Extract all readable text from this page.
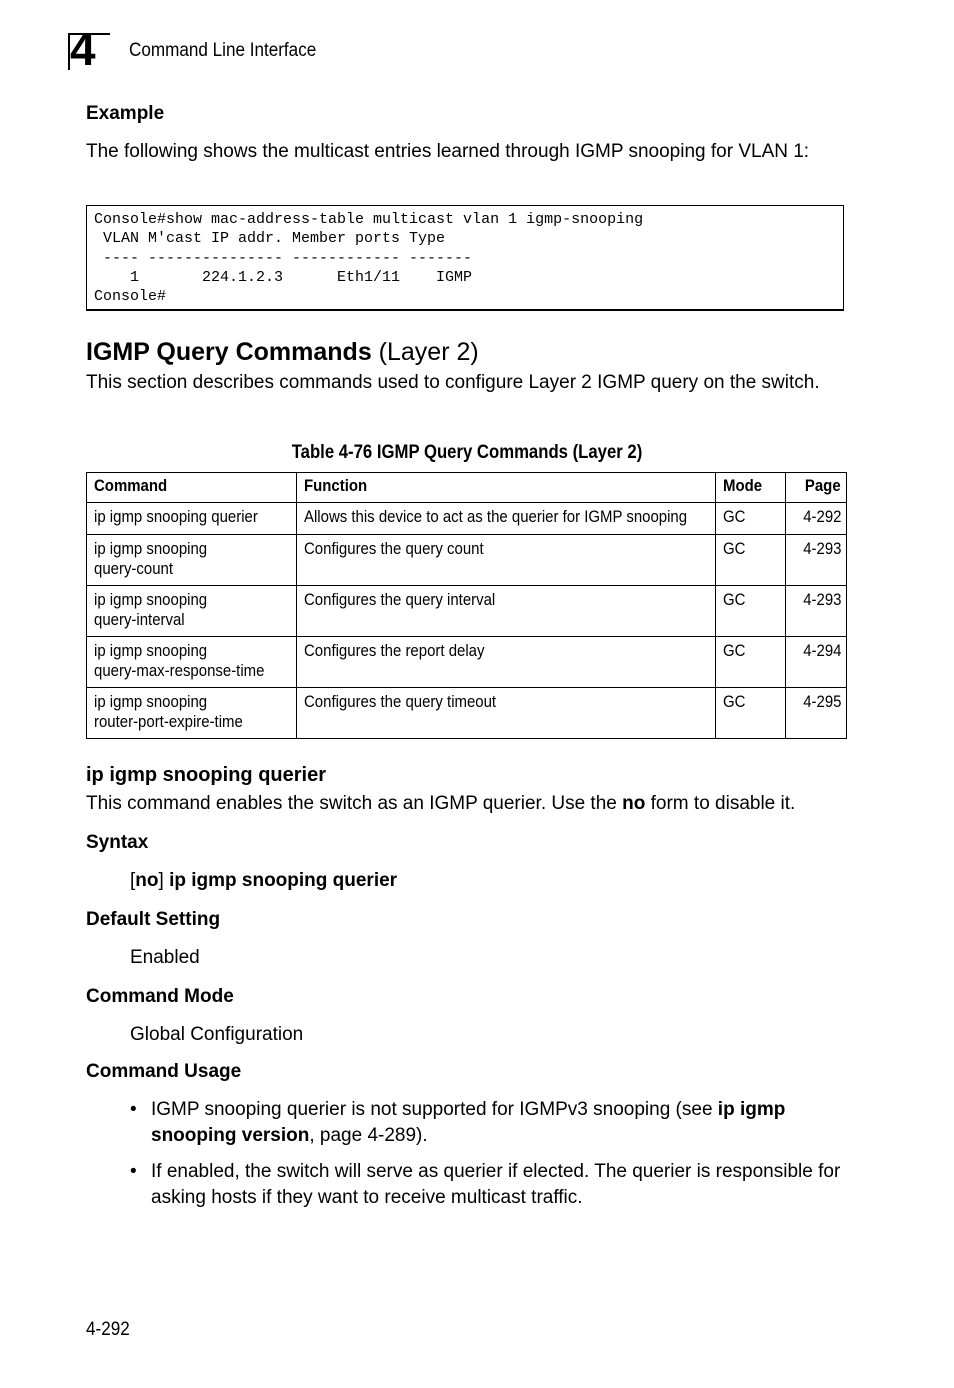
4 Command Line Interface
Example
The following shows the multicast entries learned through IGMP snooping for VLAN 1:
Console#show mac-address-table multicast vlan 1 igmp-snooping
VLAN M'cast IP addr. Member ports Type
---- --------------- ------------ -------
1       224.1.2.3      Eth1/11    IGMP
Console#
IGMP Query Commands (Layer 2)
This section describes commands used to configure Layer 2 IGMP query on the switch.
Table 4-76 IGMP Query Commands (Layer 2)
Command	Function	Mode	Page
ip igmp snooping querier	Allows this device to act as the querier for IGMP snooping	GC	4-292
ip igmp snooping
query-count	Configures the query count	GC	4-293
ip igmp snooping
query-interval	Configures the query interval	GC	4-293
ip igmp snooping
query-max-response-time	Configures the report delay	GC	4-294
ip igmp snooping
router-port-expire-time	Configures the query timeout	GC	4-295
ip igmp snooping querier
This command enables the switch as an IGMP querier. Use the no form to disable it.
Syntax
[no] ip igmp snooping querier
Default Setting
Enabled
Command Mode
Global Configuration
Command Usage
• IGMP snooping querier is not supported for IGMPv3 snooping (see ip igmp snooping version, page 4-289).
• If enabled, the switch will serve as querier if elected. The querier is responsible for asking hosts if they want to receive multicast traffic.
4-292
